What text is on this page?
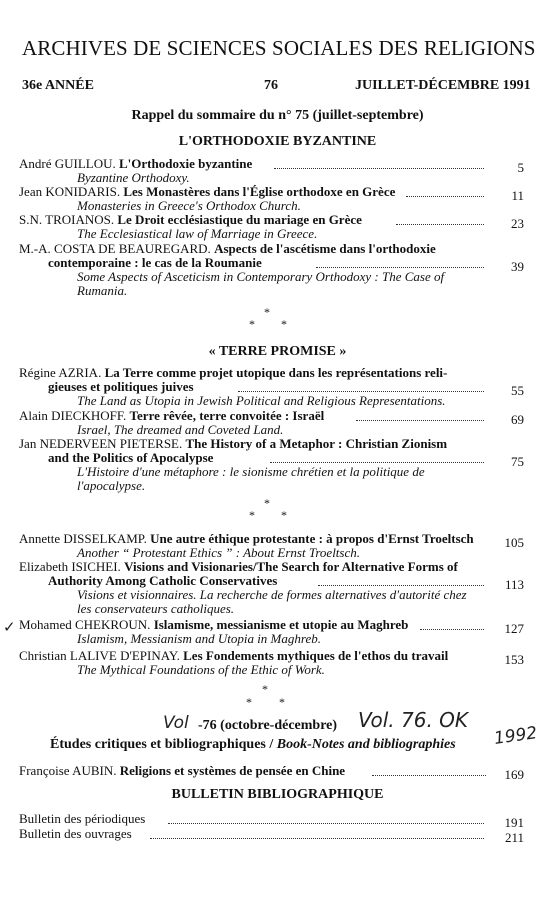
ARCHIVES DE SCIENCES SOCIALES DES RELIGIONS
36e ANNÉE	76	JUILLET-DÉCEMBRE 1991
Rappel du sommaire du n° 75 (juillet-septembre)
L'ORTHODOXIE BYZANTINE
André GUILLOU. L'Orthodoxie byzantine	5
Byzantine Orthodoxy.
Jean KONIDARIS. Les Monastères dans l'Église orthodoxe en Grèce	11
Monasteries in Greece's Orthodox Church.
S.N. TROIANOS. Le Droit ecclésiastique du mariage en Grèce	23
The Ecclesiastical law of Marriage in Greece.
M.-A. COSTA DE BEAUREGARD. Aspects de l'ascétisme dans l'orthodoxie
contemporaine : le cas de la Roumanie	39
Some Aspects of Asceticism in Contemporary Orthodoxy : The Case of
Rumania.
*
* *
« TERRE PROMISE »
Régine AZRIA. La Terre comme projet utopique dans les représentations reli-
gieuses et politiques juives	55
The Land as Utopia in Jewish Political and Religious Representations.
Alain DIECKHOFF. Terre rêvée, terre convoitée : Israël	69
Israel, The dreamed and Coveted Land.
Jan NEDERVEEN PIETERSE. The History of a Metaphor : Christian Zionism
and the Politics of Apocalypse	75
L'Histoire d'une métaphore : le sionisme chrétien et la politique de
l'apocalypse.
*
* *
Annette DISSELKAMP. Une autre éthique protestante : à propos d'Ernst Troeltsch	105
Another “ Protestant Ethics ” : About Ernst Troeltsch.
Elizabeth ISICHEI. Visions and Visionaries/The Search for Alternative Forms of
Authority Among Catholic Conservatives	113
Visions et visionnaires. La recherche de formes alternatives d'autorité chez
les conservateurs catholiques.
✓ Mohamed CHEKROUN. Islamisme, messianisme et utopie au Maghreb	127
Islamism, Messianism and Utopia in Maghreb.
Christian LALIVE D'EPINAY. Les Fondements mythiques de l'ethos du travail	153
The Mythical Foundations of the Ethic of Work.
*
* *
Vol -76 (octobre-décembre) Vol. 76. OK
1992
Études critiques et bibliographiques / Book-Notes and bibliographies
Françoise AUBIN. Religions et systèmes de pensée en Chine	169
BULLETIN BIBLIOGRAPHIQUE
Bulletin des périodiques	191
Bulletin des ouvrages	211
